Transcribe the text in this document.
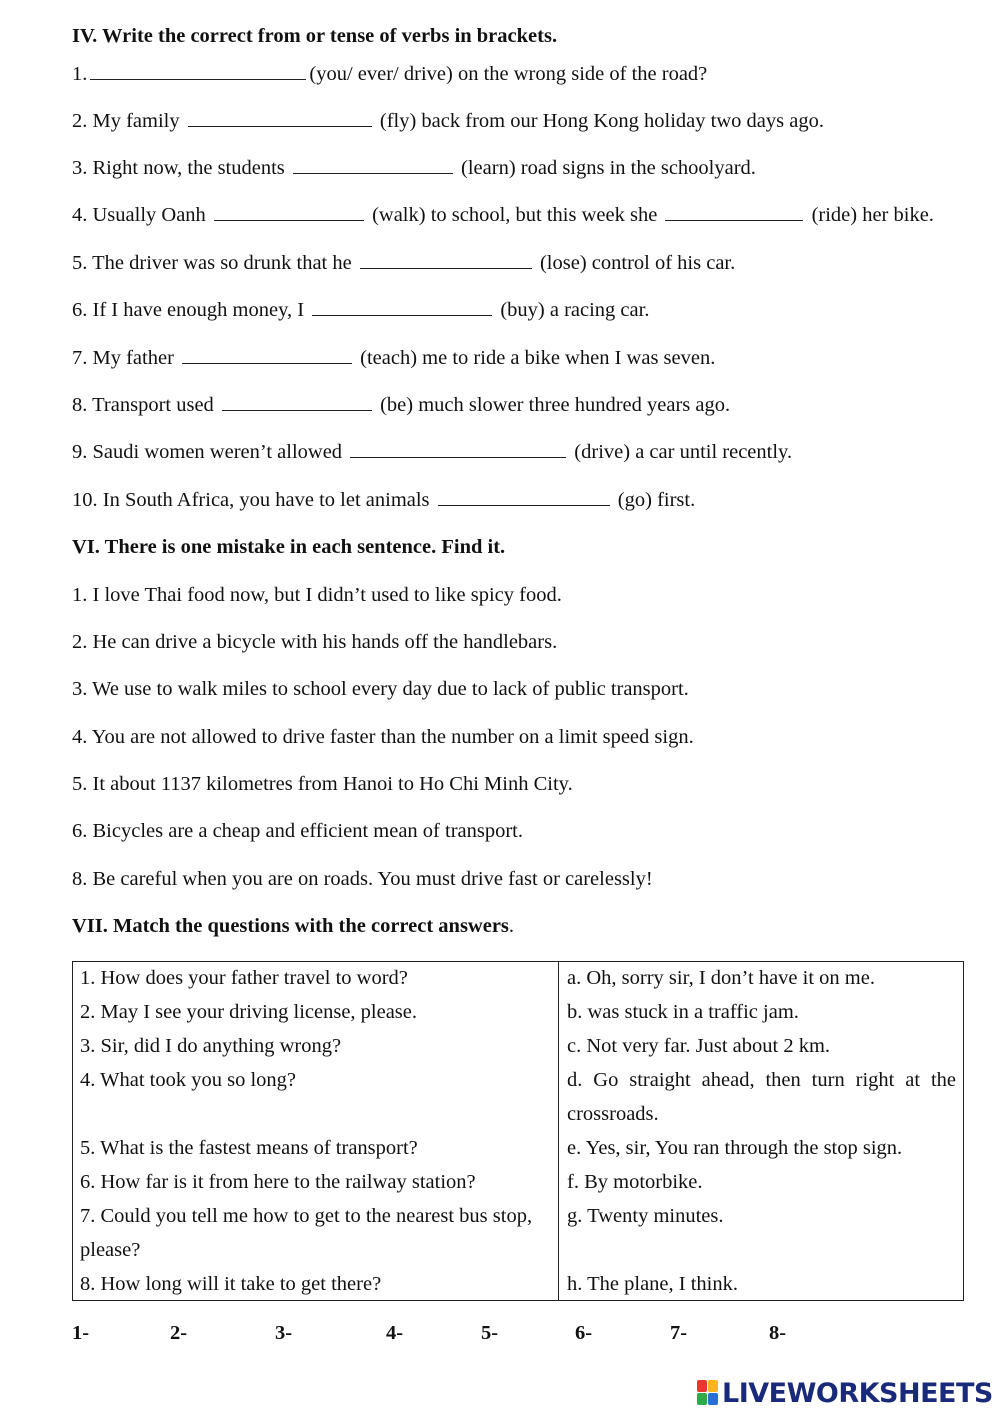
IV. Write the correct from or tense of verbs in brackets.
1.	(you/ ever/ drive) on the wrong side of the road?
2. My family	(fly) back from our Hong Kong holiday two days ago.
3. Right now, the students	(learn) road signs in the schoolyard.
4. Usually Oanh	(walk) to school, but this week she	(ride) her bike.
5. The driver was so drunk that he	(lose) control of his car.
6. If I have enough money, I	(buy) a racing car.
7. My father	(teach) me to ride a bike when I was seven.
8. Transport used	(be) much slower three hundred years ago.
9. Saudi women weren’t allowed	(drive) a car until recently.
10. In South Africa, you have to let animals	(go) first.
VI. There is one mistake in each sentence. Find it.
1. I love Thai food now, but I didn’t used to like spicy food.
2. He can drive a bicycle with his hands off the handlebars.
3. We use to walk miles to school every day due to lack of public transport.
4. You are not allowed to drive faster than the number on a limit speed sign.
5. It about 1137 kilometres from Hanoi to Ho Chi Minh City.
6. Bicycles are a cheap and efficient mean of transport.
8. Be careful when you are on roads. You must drive fast or carelessly!
VII. Match the questions with the correct answers.
1. How does your father travel to word?	a. Oh, sorry sir, I don’t have it on me.
2. May I see your driving license, please.	b. was stuck in a traffic jam.
3. Sir, did I do anything wrong?	c. Not very far. Just about 2 km.
4. What took you so long?	d. Go straight ahead, then turn right at the crossroads.
5. What is the fastest means of transport?	e. Yes, sir, You ran through the stop sign.
6. How far is it from here to the railway station?	f. By motorbike.
7. Could you tell me how to get to the nearest bus stop, please?	g. Twenty minutes.
8. How long will it take to get there?	h. The plane, I think.
1-	2-	3-	4-	5-	6-	7-	8-
LIVEWORKSHEETS
